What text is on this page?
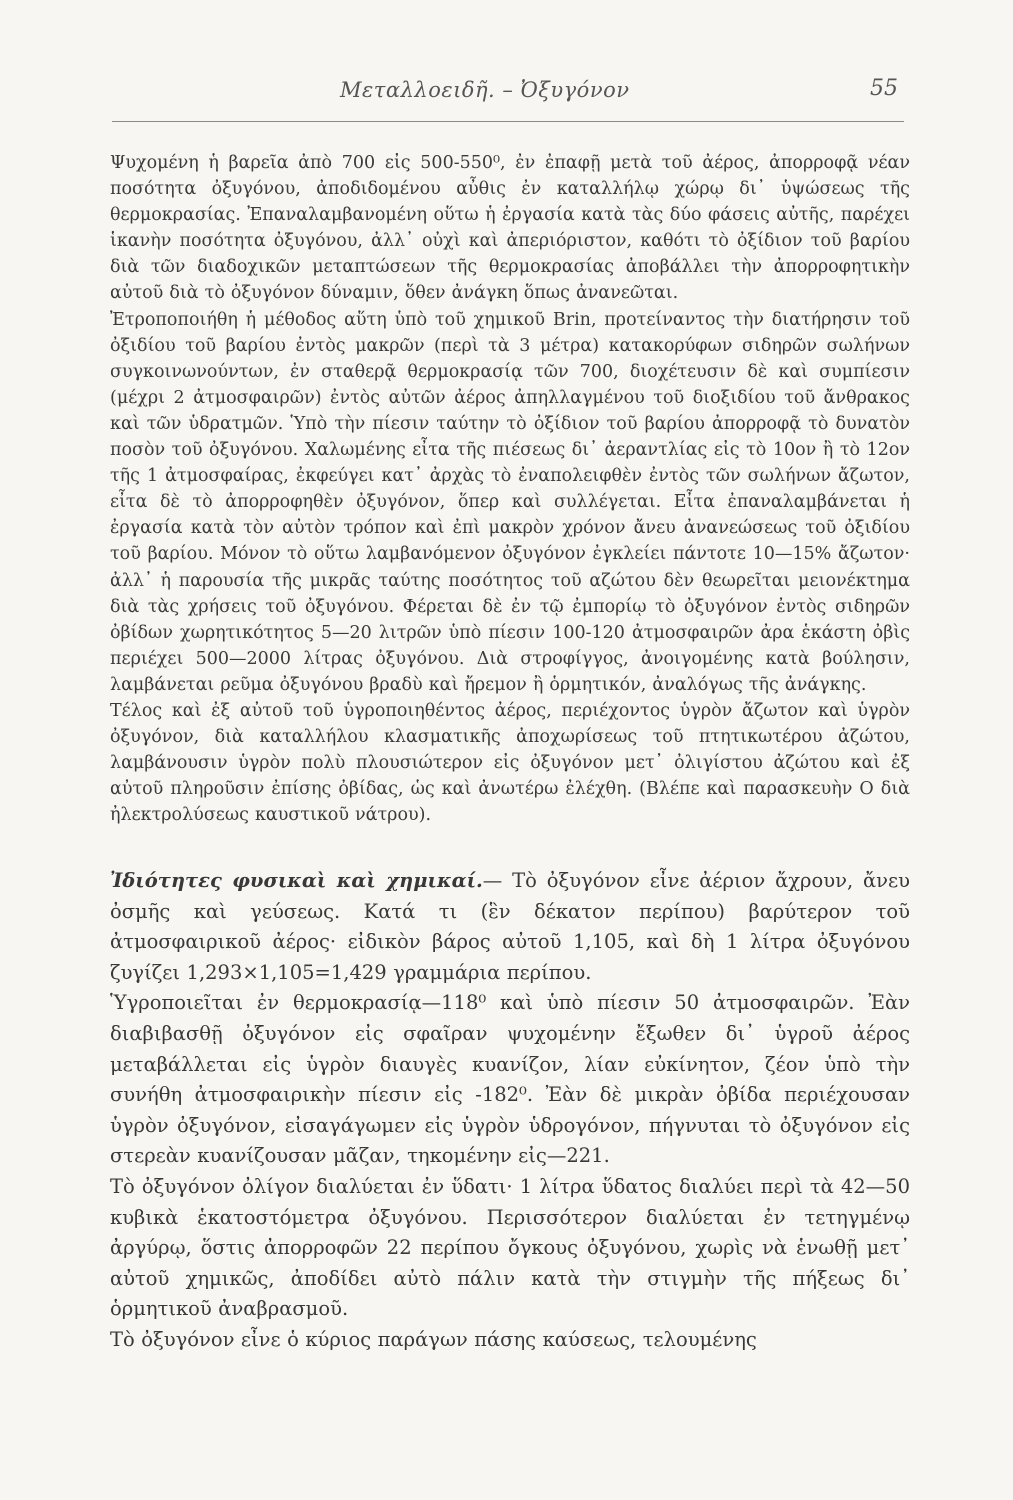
Μεταλλοειδῆ. – Ὀξυγόνον	55

Ψυχομένη ἡ βαρεῖα ἀπὸ 700 εἰς 500-550⁰, ἐν ἐπαφῇ μετὰ τοῦ ἀέρος, ἀπορροφᾷ νέαν ποσότητα ὀξυγόνου, ἀποδιδομένου αὖθις ἐν καταλλήλῳ χώρῳ δι᾽ ὑψώσεως τῆς θερμοκρασίας. Ἐπαναλαμβανομένη οὕτω ἡ ἐργασία κατὰ τὰς δύο φάσεις αὐτῆς, παρέχει ἱκανὴν ποσότητα ὀξυγόνου, ἀλλ᾽ οὐχὶ καὶ ἀπεριόριστον, καθότι τὸ ὀξίδιον τοῦ βαρίου διὰ τῶν διαδοχικῶν μεταπτώσεων τῆς θερμοκρασίας ἀποβάλλει τὴν ἀπορροφητικὴν αὐτοῦ διὰ τὸ ὀξυγόνον δύναμιν, ὅθεν ἀνάγκη ὅπως ἀνανεῶται.

Ἐτροποποιήθη ἡ μέθοδος αὕτη ὑπὸ τοῦ χημικοῦ Brin, προτείναντος τὴν διατήρησιν τοῦ ὀξιδίου τοῦ βαρίου ἐντὸς μακρῶν (περὶ τὰ 3 μέτρα) κατακορύφων σιδηρῶν σωλήνων συγκοινωνούντων, ἐν σταθερᾷ θερμοκρασίᾳ τῶν 700, διοχέτευσιν δὲ καὶ συμπίεσιν (μέχρι 2 ἀτμοσφαιρῶν) ἐντὸς αὐτῶν ἀέρος ἀπηλλαγμένου τοῦ διοξιδίου τοῦ ἄνθρακος καὶ τῶν ὑδρατμῶν. Ὑπὸ τὴν πίεσιν ταύτην τὸ ὀξίδιον τοῦ βαρίου ἀπορροφᾷ τὸ δυνατὸν ποσὸν τοῦ ὀξυγόνου. Χαλωμένης εἶτα τῆς πιέσεως δι᾽ ἀεραντλίας εἰς τὸ 10ον ἢ τὸ 12ον τῆς 1 ἀτμοσφαίρας, ἐκφεύγει κατ᾽ ἀρχὰς τὸ ἐναπολειφθὲν ἐντὸς τῶν σωλήνων ἄζωτον, εἶτα δὲ τὸ ἀπορροφηθὲν ὀξυγόνον, ὅπερ καὶ συλλέγεται. Εἶτα ἐπαναλαμβάνεται ἡ ἐργασία κατὰ τὸν αὐτὸν τρόπον καὶ ἐπὶ μακρὸν χρόνον ἄνευ ἀνανεώσεως τοῦ ὀξιδίου τοῦ βαρίου. Μόνον τὸ οὕτω λαμβανόμενον ὀξυγόνον ἐγκλείει πάντοτε 10—15% ἄζωτον· ἀλλ᾽ ἡ παρουσία τῆς μικρᾶς ταύτης ποσότητος τοῦ αζώτου δὲν θεωρεῖται μειονέκτημα διὰ τὰς χρήσεις τοῦ ὀξυγόνου. Φέρεται δὲ ἐν τῷ ἐμπορίῳ τὸ ὀξυγόνον ἐντὸς σιδηρῶν ὀβίδων χωρητικότητος 5—20 λιτρῶν ὑπὸ πίεσιν 100-120 ἀτμοσφαιρῶν ἀρα ἑκάστη ὀβὶς περιέχει 500—2000 λίτρας ὀξυγόνου. Διὰ στροφίγγος, ἀνοιγομένης κατὰ βούλησιν, λαμβάνεται ρεῦμα ὀξυγόνου βραδὺ καὶ ἤρεμον ἢ ὁρμητικόν, ἀναλόγως τῆς ἀνάγκης.

Τέλος καὶ ἐξ αὐτοῦ τοῦ ὑγροποιηθέντος ἀέρος, περιέχοντος ὑγρὸν ἄζωτον καὶ ὑγρὸν ὀξυγόνον, διὰ καταλλήλου κλασματικῆς ἀποχωρίσεως τοῦ πτητικωτέρου ἀζώτου, λαμβάνουσιν ὑγρὸν πολὺ πλουσιώτερον εἰς ὀξυγόνον μετ᾽ ὀλιγίστου ἀζώτου καὶ ἐξ αὐτοῦ πληροῦσιν ἐπίσης ὀβίδας, ὡς καὶ ἀνωτέρω ἐλέχθη. (Βλέπε καὶ παρασκευὴν Ο διὰ ἠλεκτρολύσεως καυστικοῦ νάτρου).

Ἰδιότητες φυσικαὶ καὶ χημικαί.— Τὸ ὀξυγόνον εἶνε ἀέριον ἄχρουν, ἄνευ ὀσμῆς καὶ γεύσεως. Κατά τι (ἓν δέκατον περίπου) βαρύτερον τοῦ ἀτμοσφαιρικοῦ ἀέρος· εἰδικὸν βάρος αὐτοῦ 1,105, καὶ δὴ 1 λίτρα ὀξυγόνου ζυγίζει 1,293×1,105=1,429 γραμμάρια περίπου.

Ὑγροποιεῖται ἐν θερμοκρασίᾳ—118⁰ καὶ ὑπὸ πίεσιν 50 ἀτμοσφαιρῶν. Ἐὰν διαβιβασθῇ ὀξυγόνον εἰς σφαῖραν ψυχομένην ἔξωθεν δι᾽ ὑγροῦ ἀέρος μεταβάλλεται εἰς ὑγρὸν διαυγὲς κυανίζον, λίαν εὐκίνητον, ζέον ὑπὸ τὴν συνήθη ἀτμοσφαιρικὴν πίεσιν εἰς -182⁰. Ἐὰν δὲ μικρὰν ὀβίδα περιέχουσαν ὑγρὸν ὀξυγόνον, εἰσαγάγωμεν εἰς ὑγρὸν ὑδρογόνον, πήγνυται τὸ ὀξυγόνον εἰς στερεὰν κυανίζουσαν μᾶζαν, τηκομένην εἰς—221.

Τὸ ὀξυγόνον ὀλίγον διαλύεται ἐν ὕδατι· 1 λίτρα ὕδατος διαλύει περὶ τὰ 42—50 κυβικὰ ἑκατοστόμετρα ὀξυγόνου. Περισσότερον διαλύεται ἐν τετηγμένῳ ἀργύρῳ, ὅστις ἀπορροφῶν 22 περίπου ὄγκους ὀξυγόνου, χωρὶς νὰ ἑνωθῇ μετ᾽ αὐτοῦ χημικῶς, ἀποδίδει αὐτὸ πάλιν κατὰ τὴν στιγμὴν τῆς πήξεως δι᾽ ὁρμητικοῦ ἀναβρασμοῦ.

Τὸ ὀξυγόνον εἶνε ὁ κύριος παράγων πάσης καύσεως, τελουμένης
